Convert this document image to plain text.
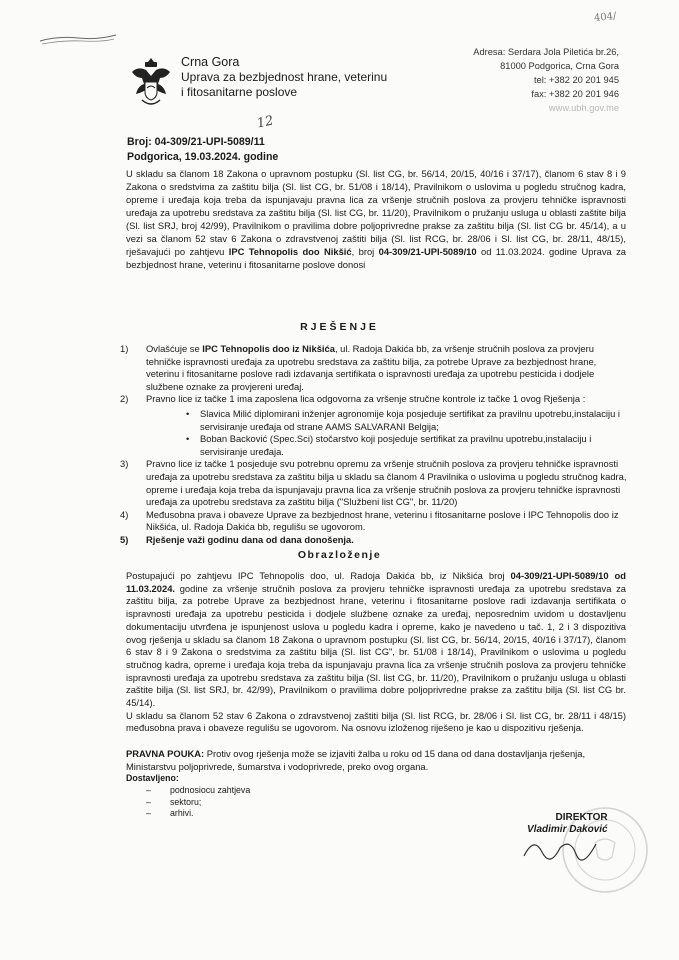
404/
Crna Gora
Uprava za bezbjednost hrane, veterinu
i fitosanitarne poslove
Adresa: Serdara Jola Piletića br.26,
81000 Podgorica, Crna Gora
tel: +382 20 201 945
fax: +382 20 201 946
www.ubh.gov.me
12
Broj: 04-309/21-UPI-5089/11
Podgorica, 19.03.2024. godine
U skladu sa članom 18 Zakona o upravnom postupku (Sl. list CG, br. 56/14, 20/15, 40/16 i 37/17), članom 6 stav 8 i 9 Zakona o sredstvima za zaštitu bilja (Sl. list CG, br. 51/08 i 18/14), Pravilnikom o uslovima u pogledu stručnog kadra, opreme i uređaja koja treba da ispunjavaju pravna lica za vršenje stručnih poslova za provjeru tehničke ispravnosti uređaja za upotrebu sredstava za zaštitu bilja (Sl. list CG, br. 11/20), Pravilnikom o pružanju usluga u oblasti zaštite bilja (Sl. list SRJ, broj 42/99), Pravilnikom o pravilima dobre poljoprivredne prakse za zaštitu bilja (Sl. list CG br. 45/14), a u vezi sa članom 52 stav 6 Zakona o zdravstvenoj zaštiti bilja (Sl. list RCG, br. 28/06 i Sl. list CG, br. 28/11, 48/15), rješavajući po zahtjevu IPC Tehnopolis doo Nikšić, broj 04-309/21-UPI-5089/10 od 11.03.2024. godine Uprava za bezbjednost hrane, veterinu i fitosanitarne poslove donosi
RJEŠENJE
1) Ovlašćuje se IPC Tehnopolis doo iz Nikšića, ul. Radoja Dakića bb, za vršenje stručnih poslova za provjeru tehničke ispravnosti uređaja za upotrebu sredstava za zaštitu bilja, za potrebe Uprave za bezbjednost hrane, veterinu i fitosanitarne poslove radi izdavanja sertifikata o ispravnosti uređaja za upotrebu pesticida i dodjele službene oznake za provjereni uređaj.
2) Pravno lice iz tačke 1 ima zaposlena lica odgovorna za vršenje stručne kontrole iz tačke 1 ovog Rješenja :
• Slavica Milić diplomirani inženjer agronomije koja posjeduje sertifikat za pravilnu upotrebu,instalaciju i servisiranje uređaja od strane AAMS SALVARANI Belgija;
• Boban Backović (Spec.Sci) stočarstvo koji posjeduje sertifikat za pravilnu upotrebu,instalaciju i servisiranje uređaja.
3) Pravno lice iz tačke 1 posjeduje svu potrebnu opremu za vršenje stručnih poslova za provjeru tehničke ispravnosti uređaja za upotrebu sredstava za zaštitu bilja u skladu sa članom 4 Pravilnika o uslovima u pogledu stručnog kadra, opreme i uređaja koja treba da ispunjavaju pravna lica za vršenje stručnih poslova za provjeru tehničke ispravnosti uređaja za upotrebu sredstava za zaštitu bilja ("Službeni list CG", br. 11/20)
4) Međusobna prava i obaveze Uprave za bezbjednost hrane, veterinu i fitosanitarne poslove i IPC Tehnopolis doo iz Nikšića, ul. Radoja Dakića bb, regulišu se ugovorom.
5) Rješenje važi godinu dana od dana donošenja.
Obrazloženje

Postupajući po zahtjevu IPC Tehnopolis doo, ul. Radoja Dakića bb, iz Nikšića broj 04-309/21-UPI-5089/10 od 11.03.2024. godine za vršenje stručnih poslova za provjeru tehničke ispravnosti uređaja za upotrebu sredstava za zaštitu bilja, za potrebe Uprave za bezbjednost hrane, veterinu i fitosanitarne poslove radi izdavanja sertifikata o ispravnosti uređaja za upotrebu pesticida i dodjele službene oznake za uređaj, neposrednim uvidom u dostavljenu dokumentaciju utvrđena je ispunjenost uslova u pogledu kadra i opreme, kako je navedeno u tač. 1, 2 i 3 dispozitiva ovog rješenja u skladu sa članom 18 Zakona o upravnom postupku (Sl. list CG, br. 56/14, 20/15, 40/16 i 37/17), članom 6 stav 8 i 9 Zakona o sredstvima za zaštitu bilja (Sl. list CG", br. 51/08 i 18/14), Pravilnikom o uslovima u pogledu stručnog kadra, opreme i uređaja koja treba da ispunjavaju pravna lica za vršenje stručnih poslova za provjeru tehničke ispravnosti uređaja za upotrebu sredstava za zaštitu bilja (Sl. list CG, br. 11/20), Pravilnikom o pružanju usluga u oblasti zaštite bilja (Sl. list SRJ, br. 42/99), Pravilnikom o pravilima dobre poljoprivredne prakse za zaštitu bilja (Sl. list CG br. 45/14).

U skladu sa članom 52 stav 6 Zakona o zdravstvenoj zaštiti bilja (Sl. list RCG, br. 28/06 i Sl. list CG, br. 28/11 i 48/15) međusobna prava i obaveze regulišu se ugovorom. Na osnovu izloženog riješeno je kao u dispozitivu rješenja.

PRAVNA POUKA: Protiv ovog rješenja može se izjaviti žalba u roku od 15 dana od dana dostavljanja rješenja, Ministarstvu poljoprivrede, šumarstva i vodoprivrede, preko ovog organa.
Dostavljeno:
– podnosiocu zahtjeva
– sektoru;
– arhivi.	DIREKTOR
Vladimir Daković
